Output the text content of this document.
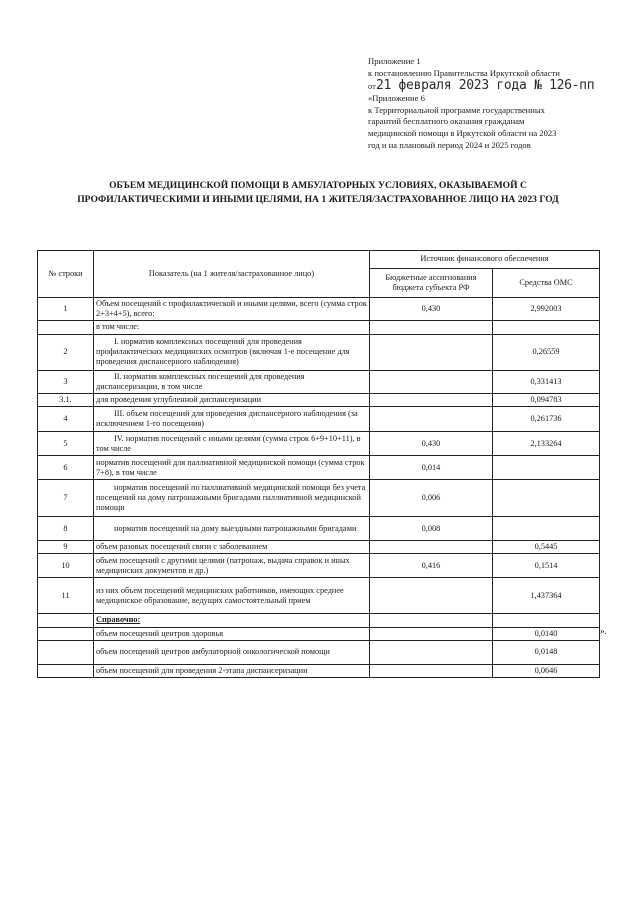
Приложение 1
к постановлению Правительства Иркутской области
от21 февраля 2023 года № 126-пп
«Приложение 6
к Территориальной программе государственных
гарантий бесплатного оказания гражданам
медицинской помощи в Иркутской области на 2023
год и на плановый период 2024 и 2025 годов
ОБЪЕМ МЕДИЦИНСКОЙ ПОМОЩИ В АМБУЛАТОРНЫХ УСЛОВИЯХ, ОКАЗЫВАЕМОЙ С
ПРОФИЛАКТИЧЕСКИМИ И ИНЫМИ ЦЕЛЯМИ, НА 1 ЖИТЕЛЯ/ЗАСТРАХОВАННОЕ ЛИЦО НА 2023 ГОД
№ строки	Показатель (на 1 жителя/застрахованное лицо)	Источник финансового обеспечения	
		Бюджетные ассигнования бюджета субъекта РФ	Средства ОМС
1	Объем посещений с профилактической и иными целями, всего (сумма строк 2+3+4+5), всего:	0,430	2,992003
	в том числе:		
2	I. норматив комплексных посещений для проведения профилактических медицинских осмотров (включая 1-е посещение для проведения диспансерного наблюдения)		0,26559
3	II. норматив комплексных посещений для проведения диспансеризации, в том числе		0,331413
3.1.	для проведения углубленной диспансеризации		0,094783
4	III. объем посещений для проведения диспансерного наблюдения (за исключением 1-го посещения)		0,261736
5	IV. норматив посещений с иными целями (сумма строк 6+9+10+11), в том числе	0,430	2,133264
6	норматив посещений для паллиативной медицинской помощи (сумма строк 7+8), в том числе	0,014	
7	норматив посещений по паллиативной медицинской помощи без учета посещений на дому патронажными бригадами паллиативной медицинской помощи	0,006	
8	норматив посещений на дому выездными патронажными бригадами	0,008	
9	объем разовых посещений связи с заболеванием		0,5445
10	объем посещений с другими целями (патронаж, выдача справок и иных медицинских документов и др.)	0,416	0,1514
11	из них объем посещений медицинских работников, имеющих среднее медицинское образование, ведущих самостоятельный прием		1,437364
	Справочно:		
	объем посещений центров здоровья		0,0140
	объем посещений центров амбулаторной онкологической помощи		0,0148
	объем посещений для проведения 2-этапа диспансеризации		0,0646
».
